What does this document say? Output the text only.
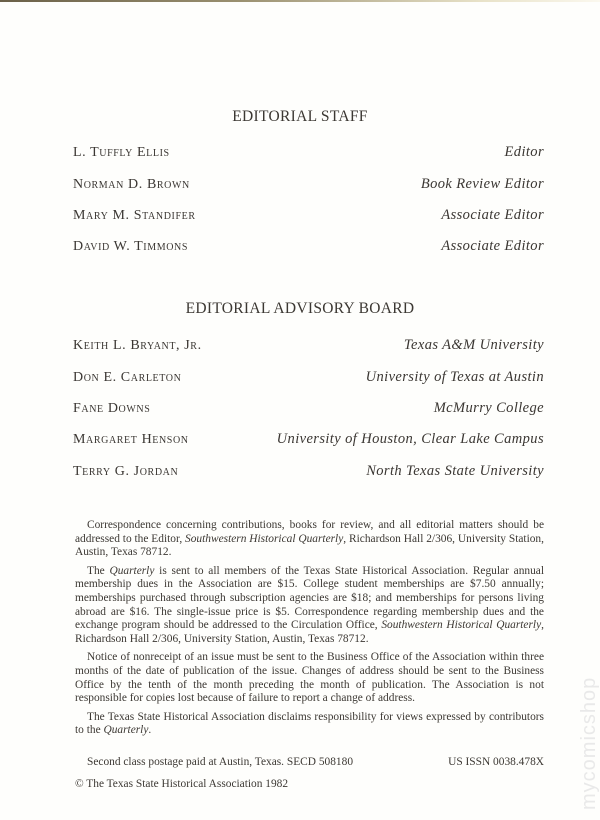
EDITORIAL STAFF
L. Tuffly Ellis	Editor
Norman D. Brown	Book Review Editor
Mary M. Standifer	Associate Editor
David W. Timmons	Associate Editor
EDITORIAL ADVISORY BOARD
Keith L. Bryant, Jr.	Texas A&M University
Don E. Carleton	University of Texas at Austin
Fane Downs	McMurry College
Margaret Henson	University of Houston, Clear Lake Campus
Terry G. Jordan	North Texas State University

Correspondence concerning contributions, books for review, and all editorial matters should be addressed to the Editor, Southwestern Historical Quarterly, Richardson Hall 2/306, University Station, Austin, Texas 78712.

The Quarterly is sent to all members of the Texas State Historical Association. Regular annual membership dues in the Association are $15. College student memberships are $7.50 annually; memberships purchased through subscription agencies are $18; and memberships for persons living abroad are $16. The single-issue price is $5. Correspondence regarding membership dues and the exchange program should be addressed to the Circulation Office, Southwestern Historical Quarterly, Richardson Hall 2/306, University Station, Austin, Texas 78712.

Notice of nonreceipt of an issue must be sent to the Business Office of the Association within three months of the date of publication of the issue. Changes of address should be sent to the Business Office by the tenth of the month preceding the month of publication. The Association is not responsible for copies lost because of failure to report a change of address.

The Texas State Historical Association disclaims responsibility for views expressed by contributors to the Quarterly.

Second class postage paid at Austin, Texas. SECD 508180	US ISSN 0038.478X
© The Texas State Historical Association 1982	mycomicshop
